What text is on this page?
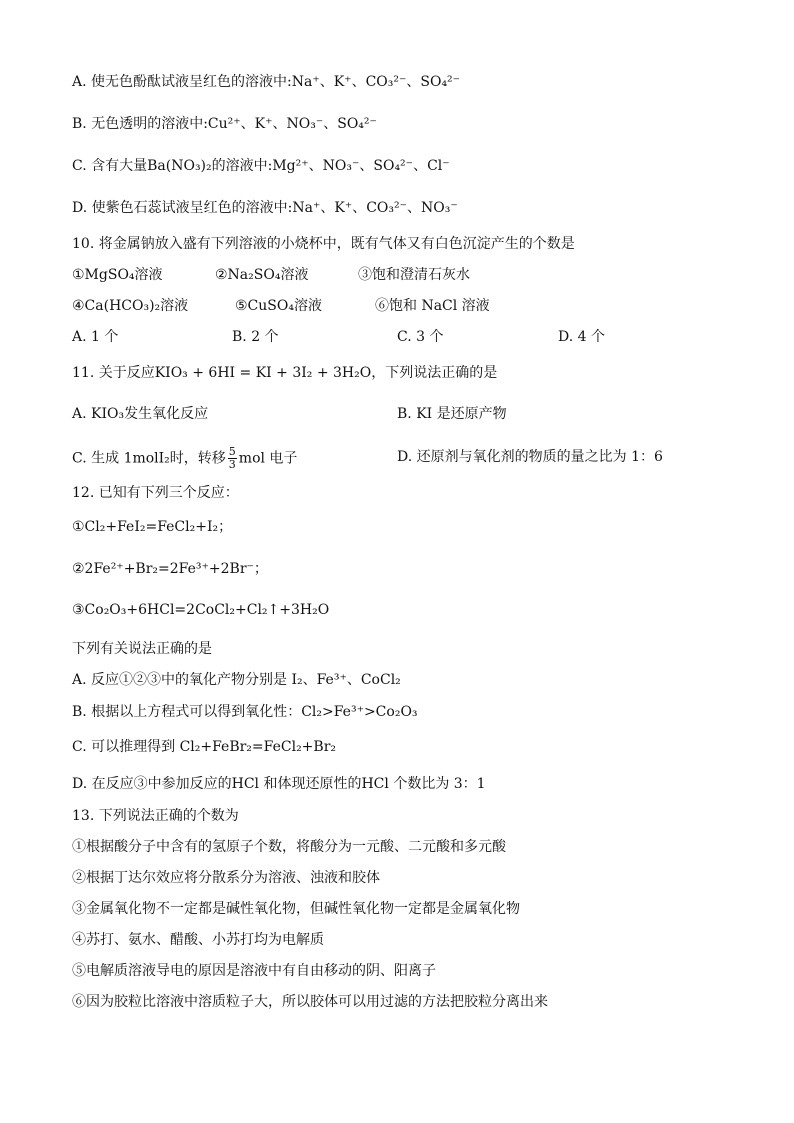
A. 使无色酚酞试液呈红色的溶液中:Na⁺、K⁺、CO₃²⁻、SO₄²⁻
B. 无色透明的溶液中:Cu²⁺、K⁺、NO₃⁻、SO₄²⁻
C. 含有大量Ba(NO₃)₂的溶液中:Mg²⁺、NO₃⁻、SO₄²⁻、Cl⁻
D. 使紫色石蕊试液呈红色的溶液中:Na⁺、K⁺、CO₃²⁻、NO₃⁻
10. 将金属钠放入盛有下列溶液的小烧杯中，既有气体又有白色沉淀产生的个数是
①MgSO₄溶液	②Na₂SO₄溶液	③饱和澄清石灰水
④Ca(HCO₃)₂溶液	⑤CuSO₄溶液	⑥饱和 NaCl 溶液
A. 1 个	B. 2 个	C. 3 个	D. 4 个
11. 关于反应KIO₃ + 6HI = KI + 3I₂ + 3H₂O，下列说法正确的是
A. KIO₃发生氧化反应	B. KI 是还原产物
C. 生成 1molI₂时，转移 $\frac{5}{3}$ mol 电子	D. 还原剂与氧化剂的物质的量之比为 1：6
12. 已知有下列三个反应：
①Cl₂+FeI₂=FeCl₂+I₂；
②2Fe²⁺+Br₂=2Fe³⁺+2Br⁻；
③Co₂O₃+6HCl=2CoCl₂+Cl₂↑+3H₂O
下列有关说法正确的是
A. 反应①②③中的氧化产物分别是 I₂、Fe³⁺、CoCl₂
B. 根据以上方程式可以得到氧化性：Cl₂>Fe³⁺>Co₂O₃
C. 可以推理得到 Cl₂+FeBr₂=FeCl₂+Br₂
D. 在反应③中参加反应的HCl 和体现还原性的HCl 个数比为 3：1
13. 下列说法正确的个数为
①根据酸分子中含有的氢原子个数，将酸分为一元酸、二元酸和多元酸
②根据丁达尔效应将分散系分为溶液、浊液和胶体
③金属氧化物不一定都是碱性氧化物，但碱性氧化物一定都是金属氧化物
④苏打、氨水、醋酸、小苏打均为电解质
⑤电解质溶液导电的原因是溶液中有自由移动的阴、阳离子
⑥因为胶粒比溶液中溶质粒子大，所以胶体可以用过滤的方法把胶粒分离出来
